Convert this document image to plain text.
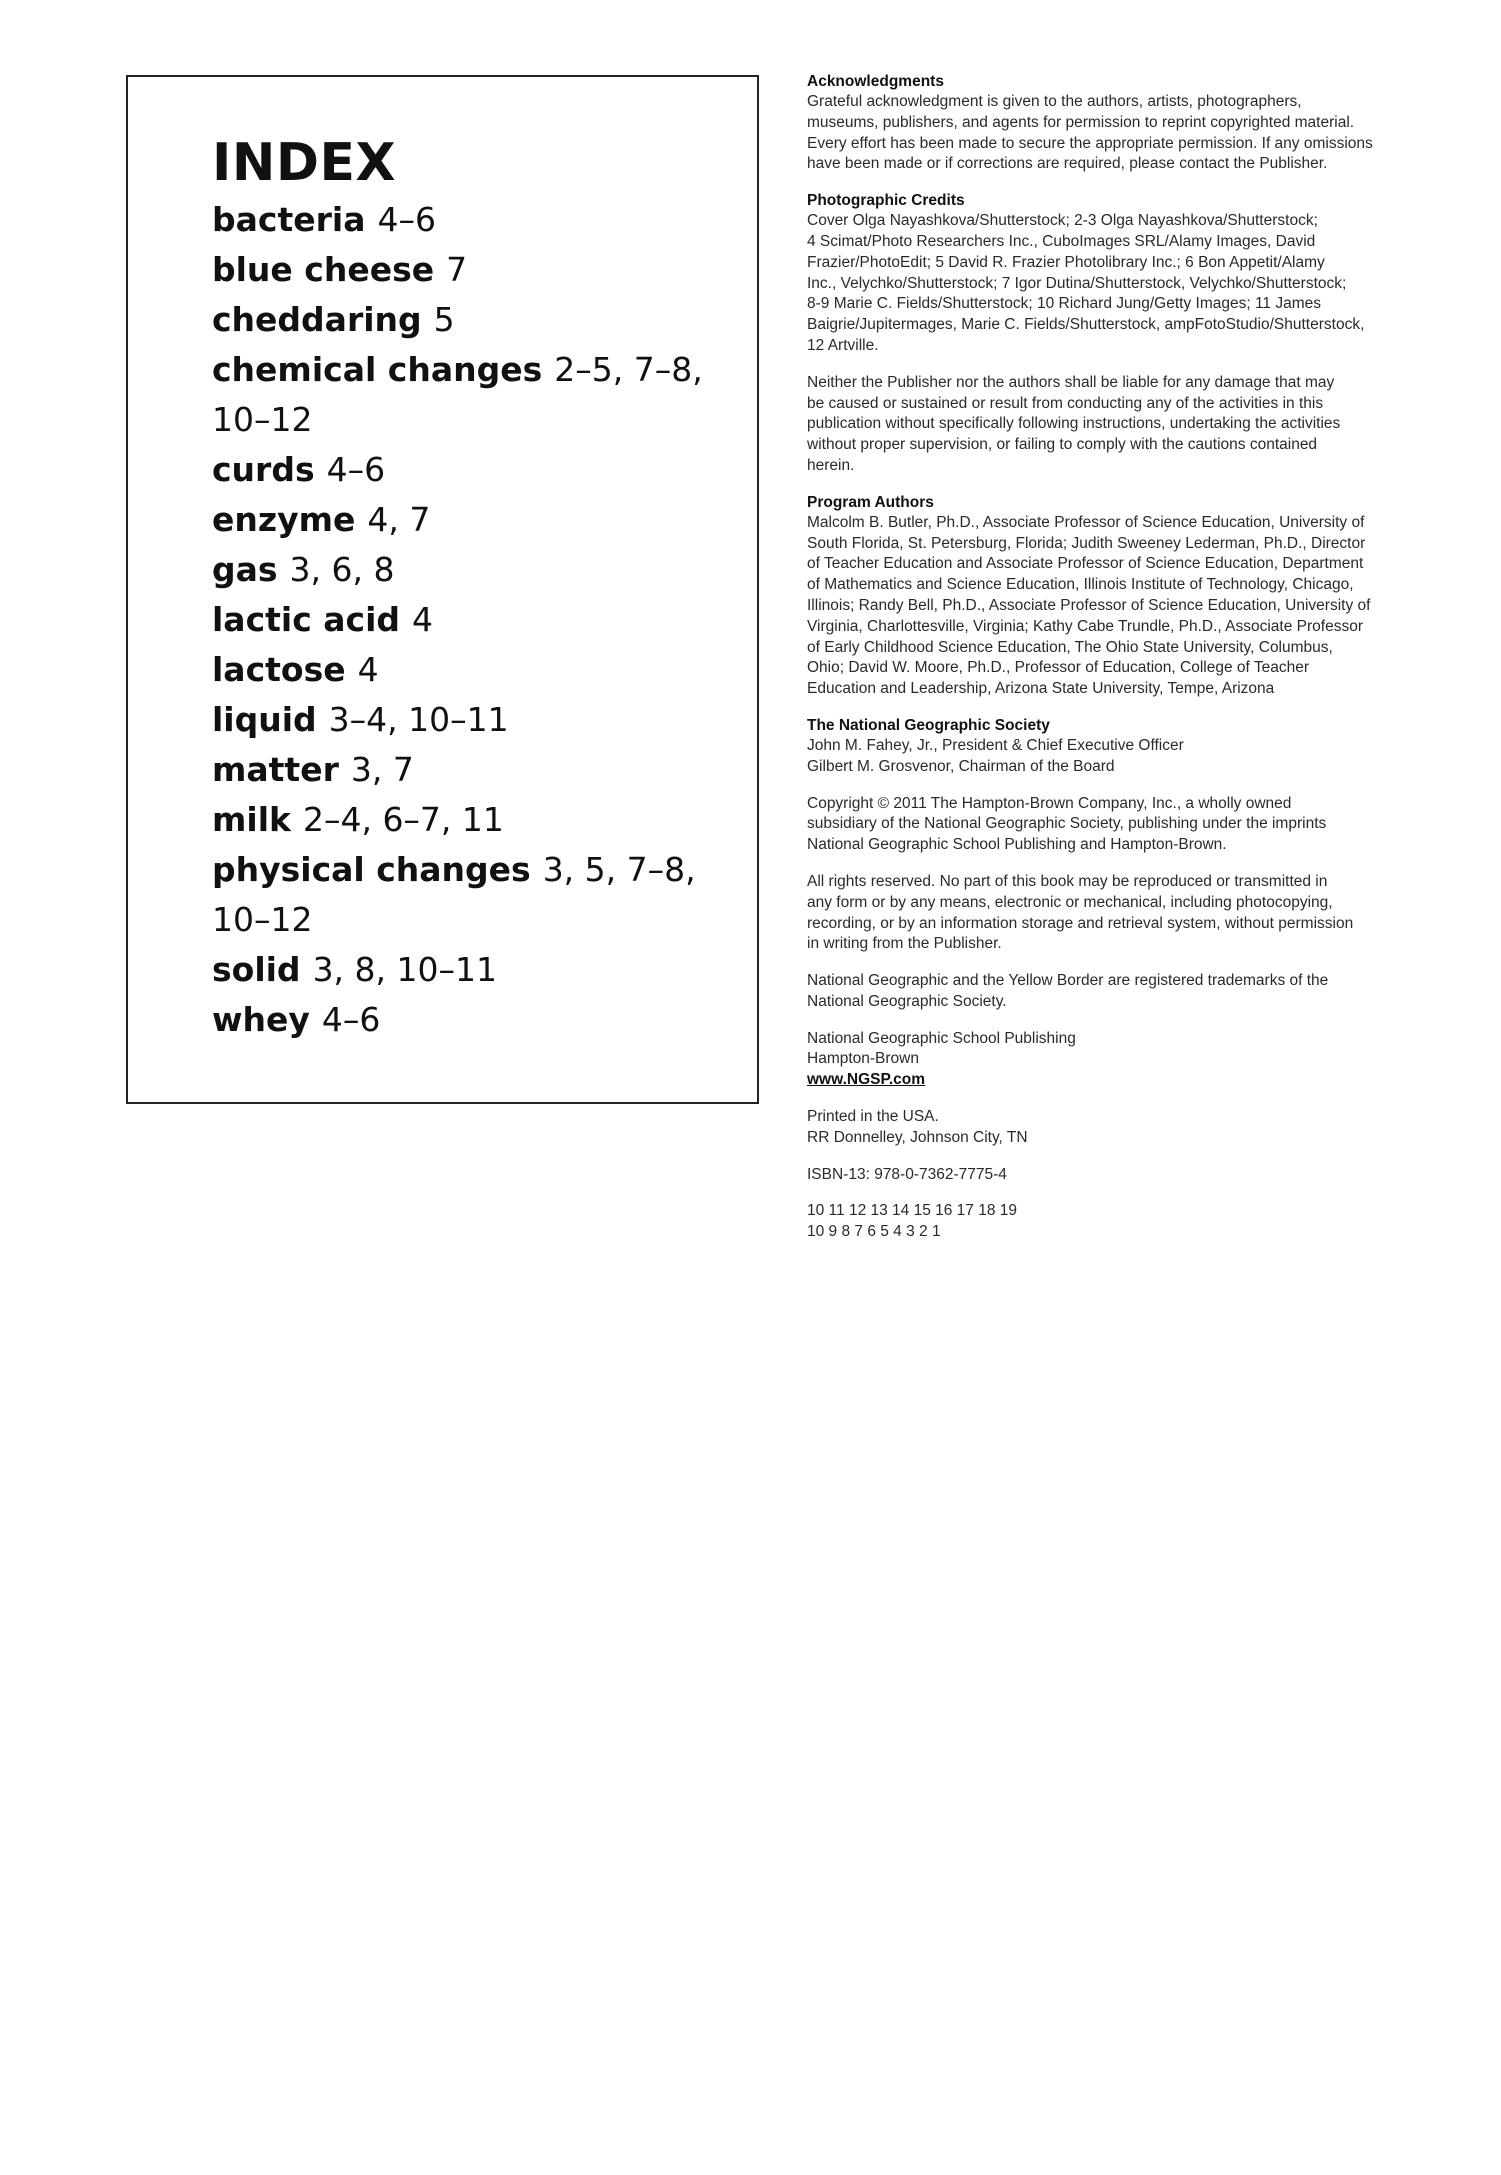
INDEX
bacteria 4–6
blue cheese 7
cheddaring 5
chemical changes 2–5, 7–8,
10–12
curds 4–6
enzyme 4, 7
gas 3, 6, 8
lactic acid 4
lactose 4
liquid 3–4, 10–11
matter 3, 7
milk 2–4, 6–7, 11
physical changes 3, 5, 7–8,
10–12
solid 3, 8, 10–11
whey 4–6

Acknowledgments

Grateful acknowledgment is given to the authors, artists, photographers,

museums, publishers, and agents for permission to reprint copyrighted material.

Every effort has been made to secure the appropriate permission. If any omissions

have been made or if corrections are required, please contact the Publisher.

Photographic Credits

Cover Olga Nayashkova/Shutterstock; 2-3 Olga Nayashkova/Shutterstock;

4 Scimat/Photo Researchers Inc., CuboImages SRL/Alamy Images, David

Frazier/PhotoEdit; 5 David R. Frazier Photolibrary Inc.; 6 Bon Appetit/Alamy

Inc., Velychko/Shutterstock; 7 Igor Dutina/Shutterstock, Velychko/Shutterstock;

8-9 Marie C. Fields/Shutterstock; 10 Richard Jung/Getty Images; 11 James

Baigrie/Jupitermages, Marie C. Fields/Shutterstock, ampFotoStudio/Shutterstock,

12 Artville.

Neither the Publisher nor the authors shall be liable for any damage that may

be caused or sustained or result from conducting any of the activities in this

publication without specifically following instructions, undertaking the activities

without proper supervision, or failing to comply with the cautions contained

herein.

Program Authors

Malcolm B. Butler, Ph.D., Associate Professor of Science Education, University of

South Florida, St. Petersburg, Florida; Judith Sweeney Lederman, Ph.D., Director

of Teacher Education and Associate Professor of Science Education, Department

of Mathematics and Science Education, Illinois Institute of Technology, Chicago,

Illinois; Randy Bell, Ph.D., Associate Professor of Science Education, University of

Virginia, Charlottesville, Virginia; Kathy Cabe Trundle, Ph.D., Associate Professor

of Early Childhood Science Education, The Ohio State University, Columbus,

Ohio; David W. Moore, Ph.D., Professor of Education, College of Teacher

Education and Leadership, Arizona State University, Tempe, Arizona

The National Geographic Society

John M. Fahey, Jr., President & Chief Executive Officer

Gilbert M. Grosvenor, Chairman of the Board

Copyright © 2011 The Hampton-Brown Company, Inc., a wholly owned

subsidiary of the National Geographic Society, publishing under the imprints

National Geographic School Publishing and Hampton-Brown.

All rights reserved. No part of this book may be reproduced or transmitted in

any form or by any means, electronic or mechanical, including photocopying,

recording, or by an information storage and retrieval system, without permission

in writing from the Publisher.

National Geographic and the Yellow Border are registered trademarks of the

National Geographic Society.

National Geographic School Publishing

Hampton-Brown

www.NGSP.com

Printed in the USA.

RR Donnelley, Johnson City, TN

ISBN-13: 978-0-7362-7775-4

10 11 12 13 14 15 16 17 18 19

10 9 8 7 6 5 4 3 2 1
